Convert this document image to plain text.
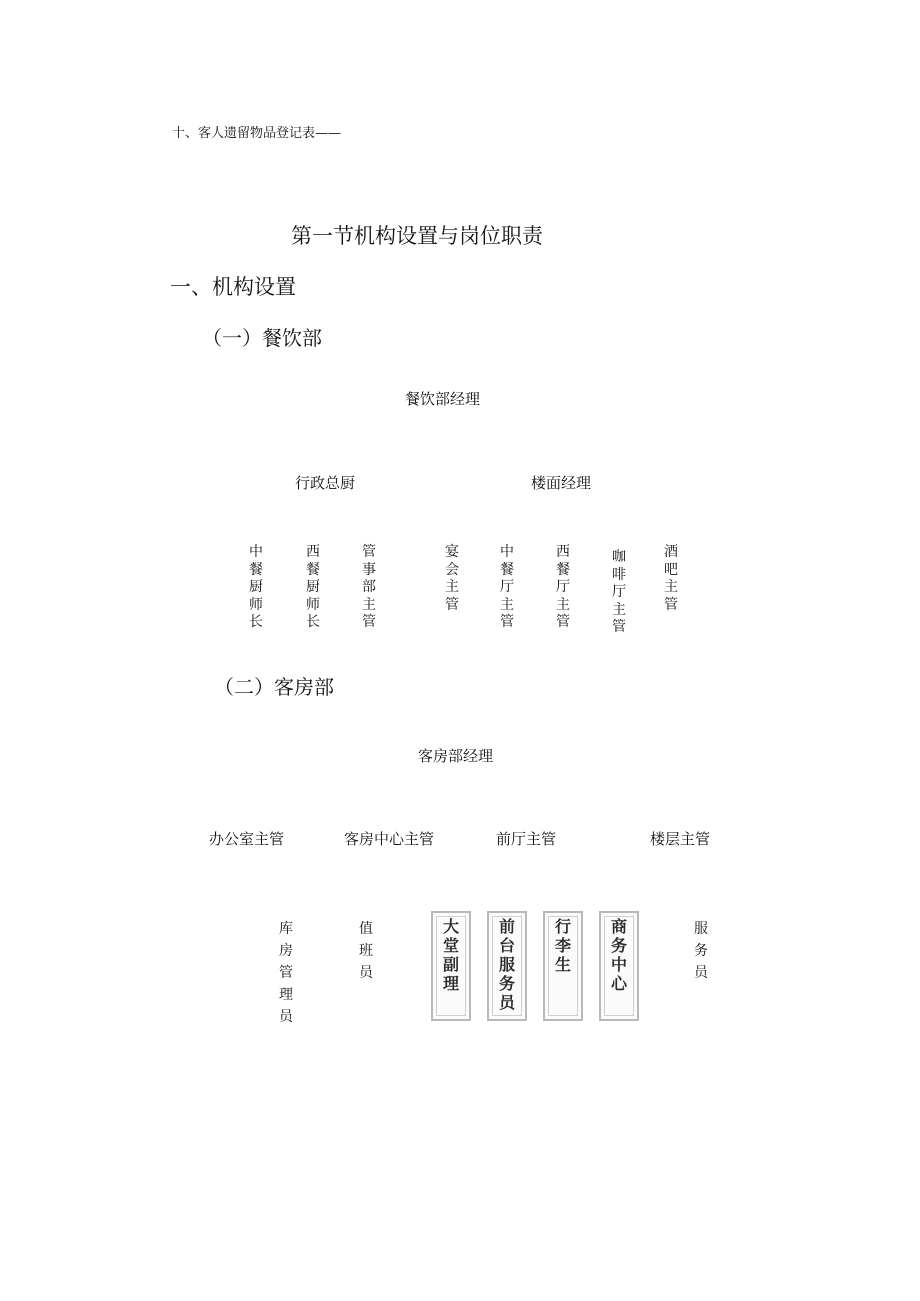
十、客人遗留物品登记表——
第一节机构设置与岗位职责
一、机构设置
（一）餐饮部
餐饮部经理
行政总厨	楼面经理
中餐厨师长
西餐厨师长
管事部主管
宴会主管
中餐厅主管
西餐厅主管
咖啡厅主管
酒吧主管
（二）客房部
客房部经理
办公室主管	客房中心主管	前厅主管	楼层主管
库房管理员
值班员
大堂副理
前台服务员
行李生
商务中心
服务员
